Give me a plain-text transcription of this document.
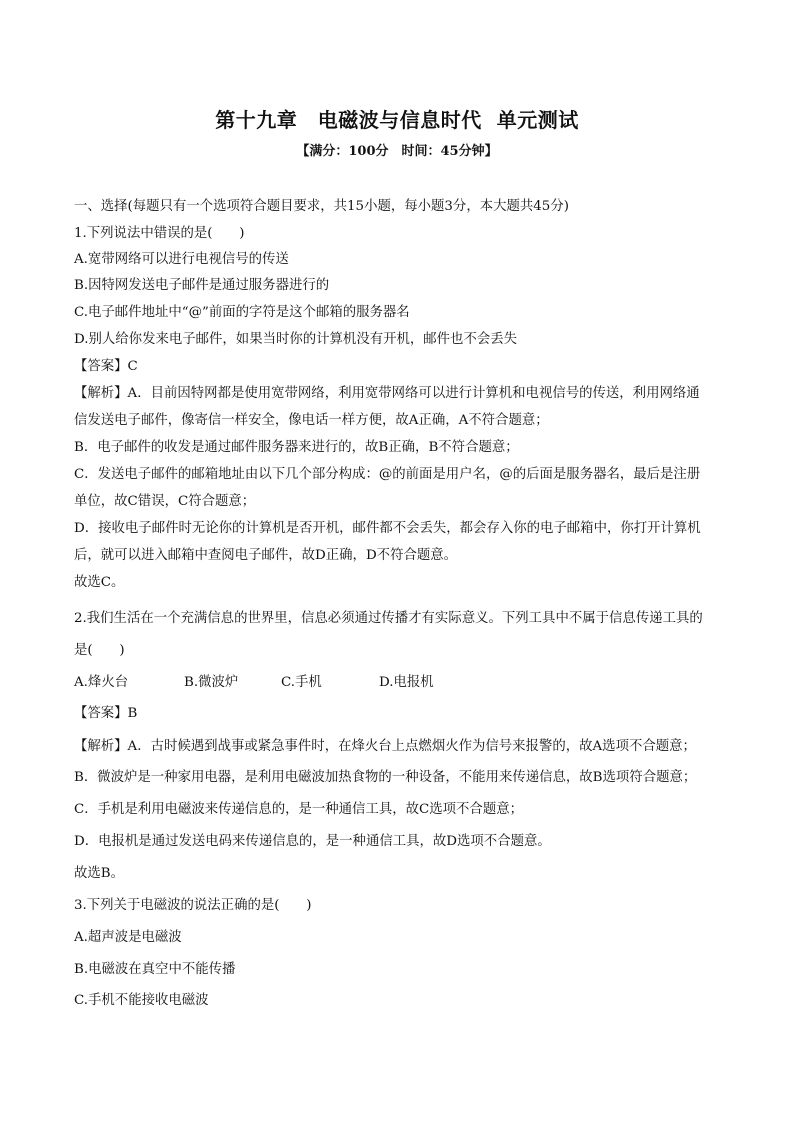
第十九章　电磁波与信息时代  单元测试
【满分：100分　时间：45分钟】
一、选择(每题只有一个选项符合题目要求，共15小题，每小题3分，本大题共45分)
1.下列说法中错误的是(　　)
A.宽带网络可以进行电视信号的传送
B.因特网发送电子邮件是通过服务器进行的
C.电子邮件地址中“@”前面的字符是这个邮箱的服务器名
D.别人给你发来电子邮件，如果当时你的计算机没有开机，邮件也不会丢失
【答案】C
【解析】A．目前因特网都是使用宽带网络，利用宽带网络可以进行计算机和电视信号的传送，利用网络通
信发送电子邮件，像寄信一样安全，像电话一样方便，故A正确，A不符合题意；
B．电子邮件的收发是通过邮件服务器来进行的，故B正确，B不符合题意；
C．发送电子邮件的邮箱地址由以下几个部分构成：@的前面是用户名，@的后面是服务器名，最后是注册
单位，故C错误，C符合题意；
D．接收电子邮件时无论你的计算机是否开机，邮件都不会丢失，都会存入你的电子邮箱中，你打开计算机
后，就可以进入邮箱中查阅电子邮件，故D正确，D不符合题意。
故选C。
2.我们生活在一个充满信息的世界里，信息必须通过传播才有实际意义。下列工具中不属于信息传递工具的
是(　　)
A.烽火台	B.微波炉	C.手机	D.电报机
【答案】B
【解析】A．古时候遇到战事或紧急事件时，在烽火台上点燃烟火作为信号来报警的，故A选项不合题意；
B．微波炉是一种家用电器，是利用电磁波加热食物的一种设备，不能用来传递信息，故B选项符合题意；
C．手机是利用电磁波来传递信息的，是一种通信工具，故C选项不合题意；
D．电报机是通过发送电码来传递信息的，是一种通信工具，故D选项不合题意。
故选B。
3.下列关于电磁波的说法正确的是(　　)
A.超声波是电磁波
B.电磁波在真空中不能传播
C.手机不能接收电磁波
